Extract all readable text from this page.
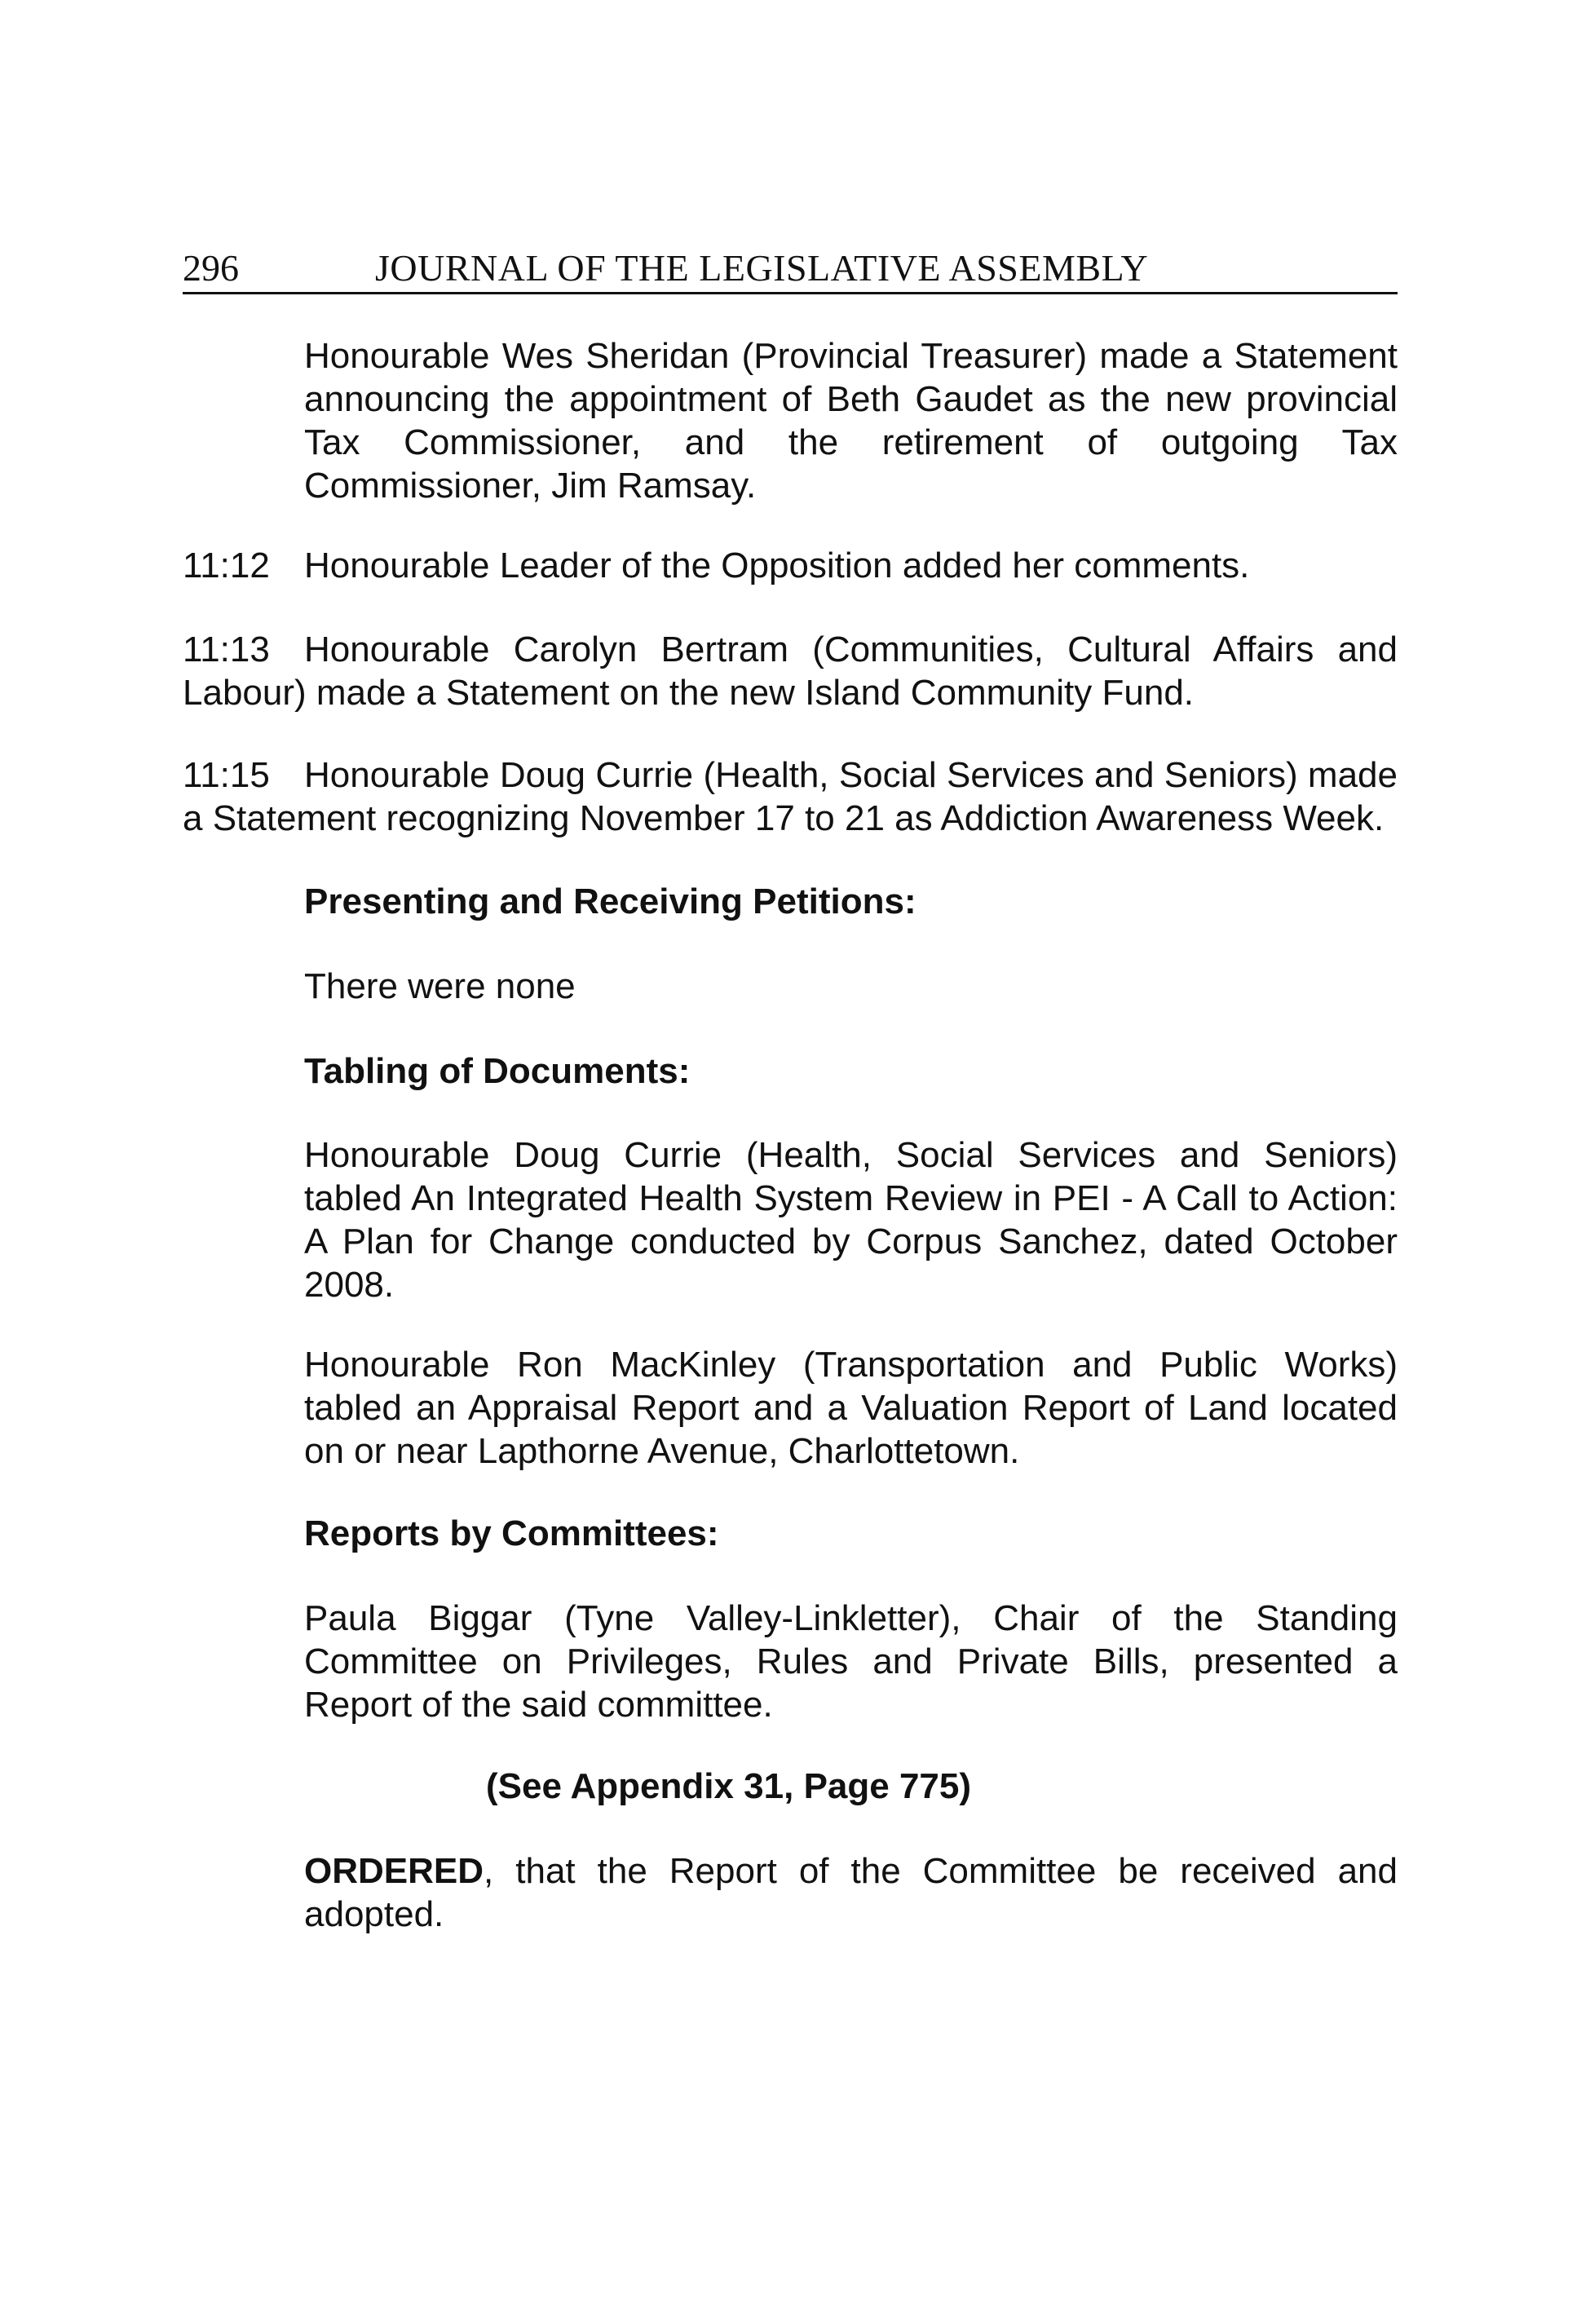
296	JOURNAL OF THE LEGISLATIVE ASSEMBLY

Honourable Wes Sheridan (Provincial Treasurer) made a Statement announcing the appointment of Beth Gaudet as the new provincial Tax Commissioner, and the retirement of outgoing Tax Commissioner, Jim Ramsay.

11:12 Honourable Leader of the Opposition added her comments.

11:13 Honourable Carolyn Bertram (Communities, Cultural Affairs and Labour) made a Statement on the new Island Community Fund.

11:15 Honourable Doug Currie (Health, Social Services and Seniors) made a Statement recognizing November 17 to 21 as Addiction Awareness Week.

Presenting and Receiving Petitions:

There were none

Tabling of Documents:

Honourable Doug Currie (Health, Social Services and Seniors) tabled An Integrated Health System Review in PEI - A Call to Action: A Plan for Change conducted by Corpus Sanchez, dated October 2008.

Honourable Ron MacKinley (Transportation and Public Works) tabled an Appraisal Report and a Valuation Report of Land located on or near Lapthorne Avenue, Charlottetown.

Reports by Committees:

Paula Biggar (Tyne Valley-Linkletter), Chair of the Standing Committee on Privileges, Rules and Private Bills, presented a Report of the said committee.

(See Appendix 31, Page 775)

ORDERED, that the Report of the Committee be received and adopted.
